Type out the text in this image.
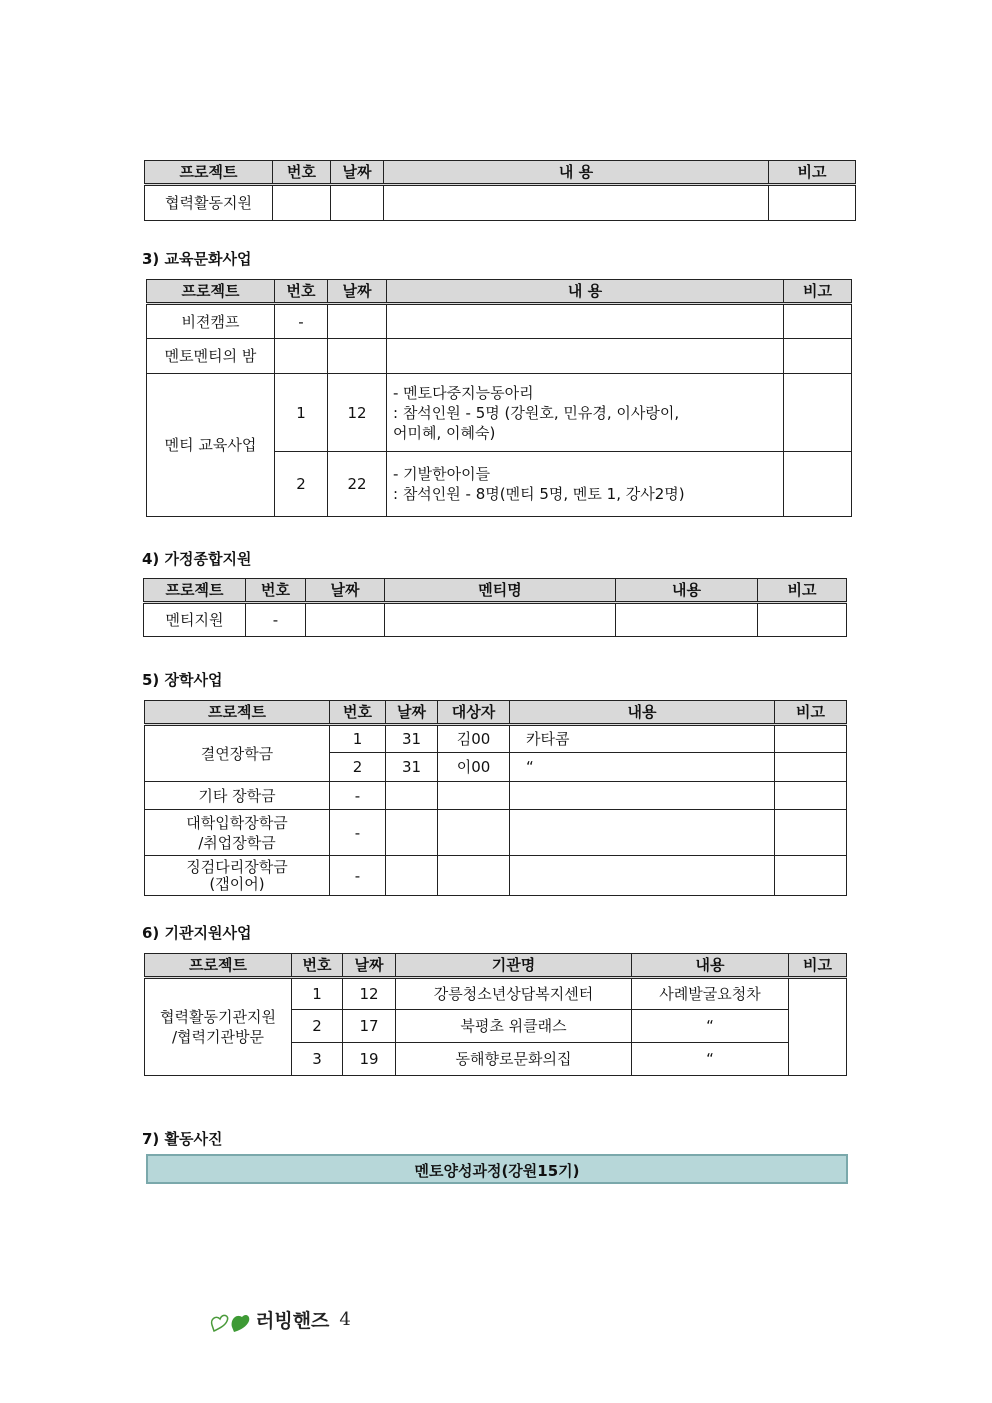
프로젝트	번호	날짜	내 용	비고
협력활동지원				
3) 교육문화사업
프로젝트	번호	날짜	내 용	비고
비젼캠프	-			
멘토멘티의 밤				
멘티 교육사업	1	12	- 멘토다중지능동아리
: 참석인원 - 5명 (강원호, 민유경, 이사랑이,
어미혜, 이혜숙)	

	2	22	- 기발한아이들
: 참석인원 - 8명(멘티 5명, 멘토 1, 강사2명)	

4) 가정종합지원
프로젝트	번호	날짜	멘티명	내용	비고
멘티지원	-				
5) 장학사업
프로젝트	번호	날짜	대상자	내용	비고
결연장학금	1	31	김00	카타콤	
	2	31	이00	“	
기타 장학금	-				

대학입학장학금
/취업장학금	-				

징검다리장학금
(갭이어)	-				
6) 기관지원사업
프로젝트	번호	날짜	기관명	내용	비고

협력활동기관지원
/협력기관방문	1	12	강릉청소년상담복지센터	사례발굴요청차	
	2	17	북평초 위클래스	“	
	3	19	동해향로문화의집	“	
7) 활동사진
멘토양성과정(강원15기)
러빙핸즈 4
